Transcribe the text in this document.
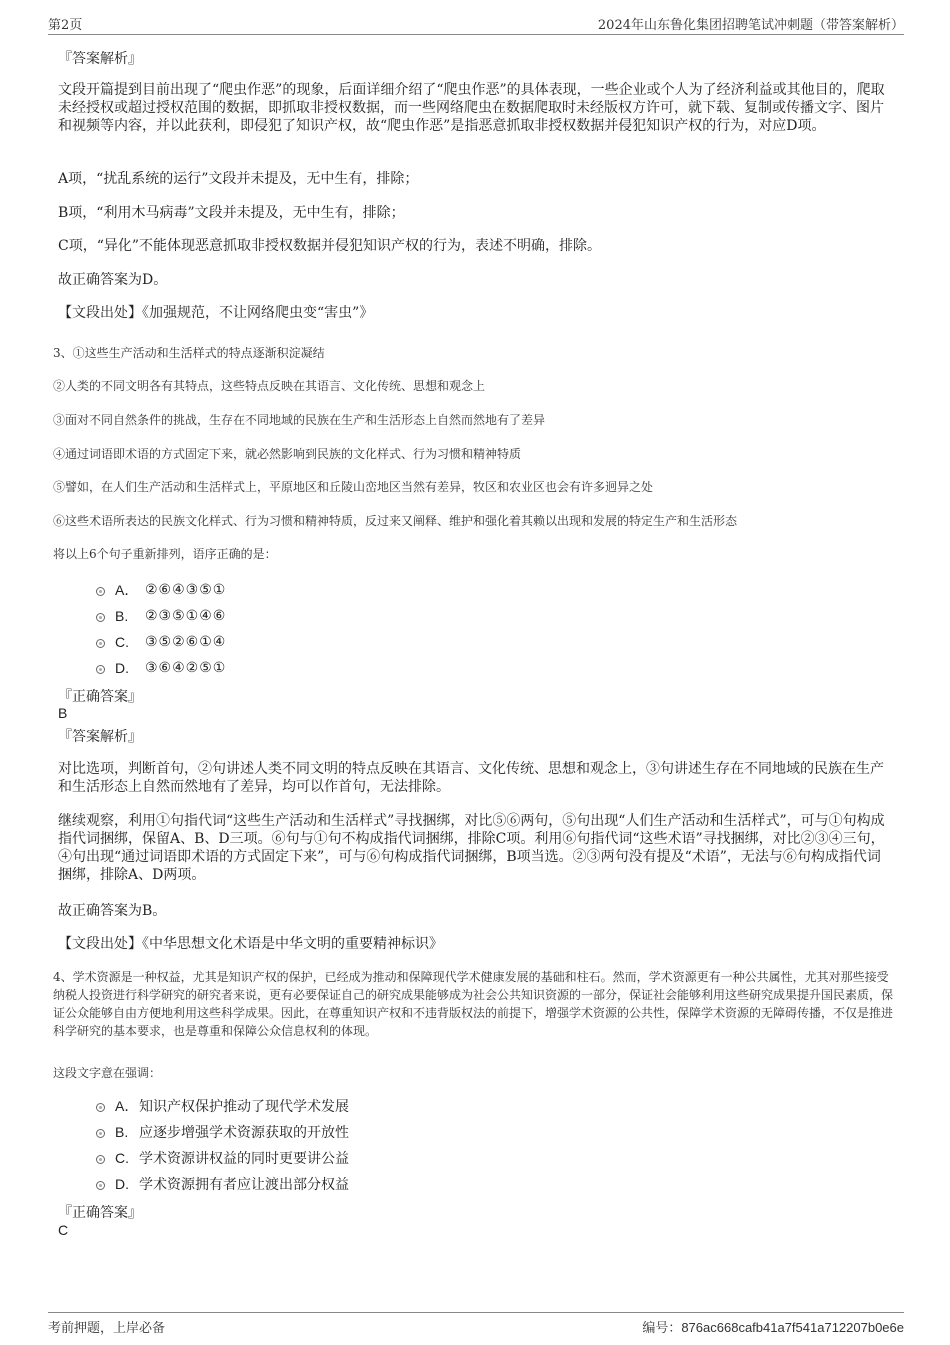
第2页	2024年山东鲁化集团招聘笔试冲刺题（带答案解析）
『答案解析』
文段开篇提到目前出现了“爬虫作恶”的现象，后面详细介绍了“爬虫作恶”的具体表现，一些企业或个人为了经济利益或其他目的，爬取未经授权或超过授权范围的数据，即抓取非授权数据，而一些网络爬虫在数据爬取时未经版权方许可，就下载、复制或传播文字、图片和视频等内容，并以此获利，即侵犯了知识产权，故“爬虫作恶”是指恶意抓取非授权数据并侵犯知识产权的行为，对应D项。
A项，“扰乱系统的运行”文段并未提及，无中生有，排除；
B项，“利用木马病毒”文段并未提及，无中生有，排除；
C项，“异化”不能体现恶意抓取非授权数据并侵犯知识产权的行为，表述不明确，排除。
故正确答案为D。
【文段出处】《加强规范，不让网络爬虫变“害虫”》
3、①这些生产活动和生活样式的特点逐渐积淀凝结
②人类的不同文明各有其特点，这些特点反映在其语言、文化传统、思想和观念上
③面对不同自然条件的挑战，生存在不同地域的民族在生产和生活形态上自然而然地有了差异
④通过词语即术语的方式固定下来，就必然影响到民族的文化样式、行为习惯和精神特质
⑤譬如，在人们生产活动和生活样式上，平原地区和丘陵山峦地区当然有差异，牧区和农业区也会有许多迥异之处
⑥这些术语所表达的民族文化样式、行为习惯和精神特质，反过来又阐释、维护和强化着其赖以出现和发展的特定生产和生活形态
将以上6个句子重新排列，语序正确的是：
A． ②⑥④③⑤①
B.	②③⑤①④⑥
C.	③⑤②⑥①④
D.	③⑥④②⑤①
『正确答案』
B
『答案解析』
对比选项，判断首句，②句讲述人类不同文明的特点反映在其语言、文化传统、思想和观念上，③句讲述生存在不同地域的民族在生产和生活形态上自然而然地有了差异，均可以作首句，无法排除。
继续观察，利用①句指代词“这些生产活动和生活样式”寻找捆绑，对比⑤⑥两句，⑤句出现“人们生产活动和生活样式”，可与①句构成指代词捆绑，保留A、B、D三项。⑥句与①句不构成指代词捆绑，排除C项。利用⑥句指代词“这些术语”寻找捆绑，对比②③④三句，④句出现“通过词语即术语的方式固定下来”，可与⑥句构成指代词捆绑，B项当选。②③两句没有提及“术语”，无法与⑥句构成指代词捆绑，排除A、D两项。
故正确答案为B。
【文段出处】《中华思想文化术语是中华文明的重要精神标识》
4、学术资源是一种权益，尤其是知识产权的保护，已经成为推动和保障现代学术健康发展的基础和柱石。然而，学术资源更有一种公共属性，尤其对那些接受纳税人投资进行科学研究的研究者来说，更有必要保证自己的研究成果能够成为社会公共知识资源的一部分，保证社会能够利用这些研究成果提升国民素质，保证公众能够自由方便地利用这些科学成果。因此，在尊重知识产权和不违背版权法的前提下，增强学术资源的公共性，保障学术资源的无障碍传播，不仅是推进科学研究的基本要求，也是尊重和保障公众信息权利的体现。
这段文字意在强调：
A． 知识产权保护推动了现代学术发展
B. 应逐步增强学术资源获取的开放性
C. 学术资源讲权益的同时更要讲公益
D. 学术资源拥有者应让渡出部分权益
『正确答案』
C
考前押题，上岸必备	编号：876ac668cafb41a7f541a712207b0e6e
